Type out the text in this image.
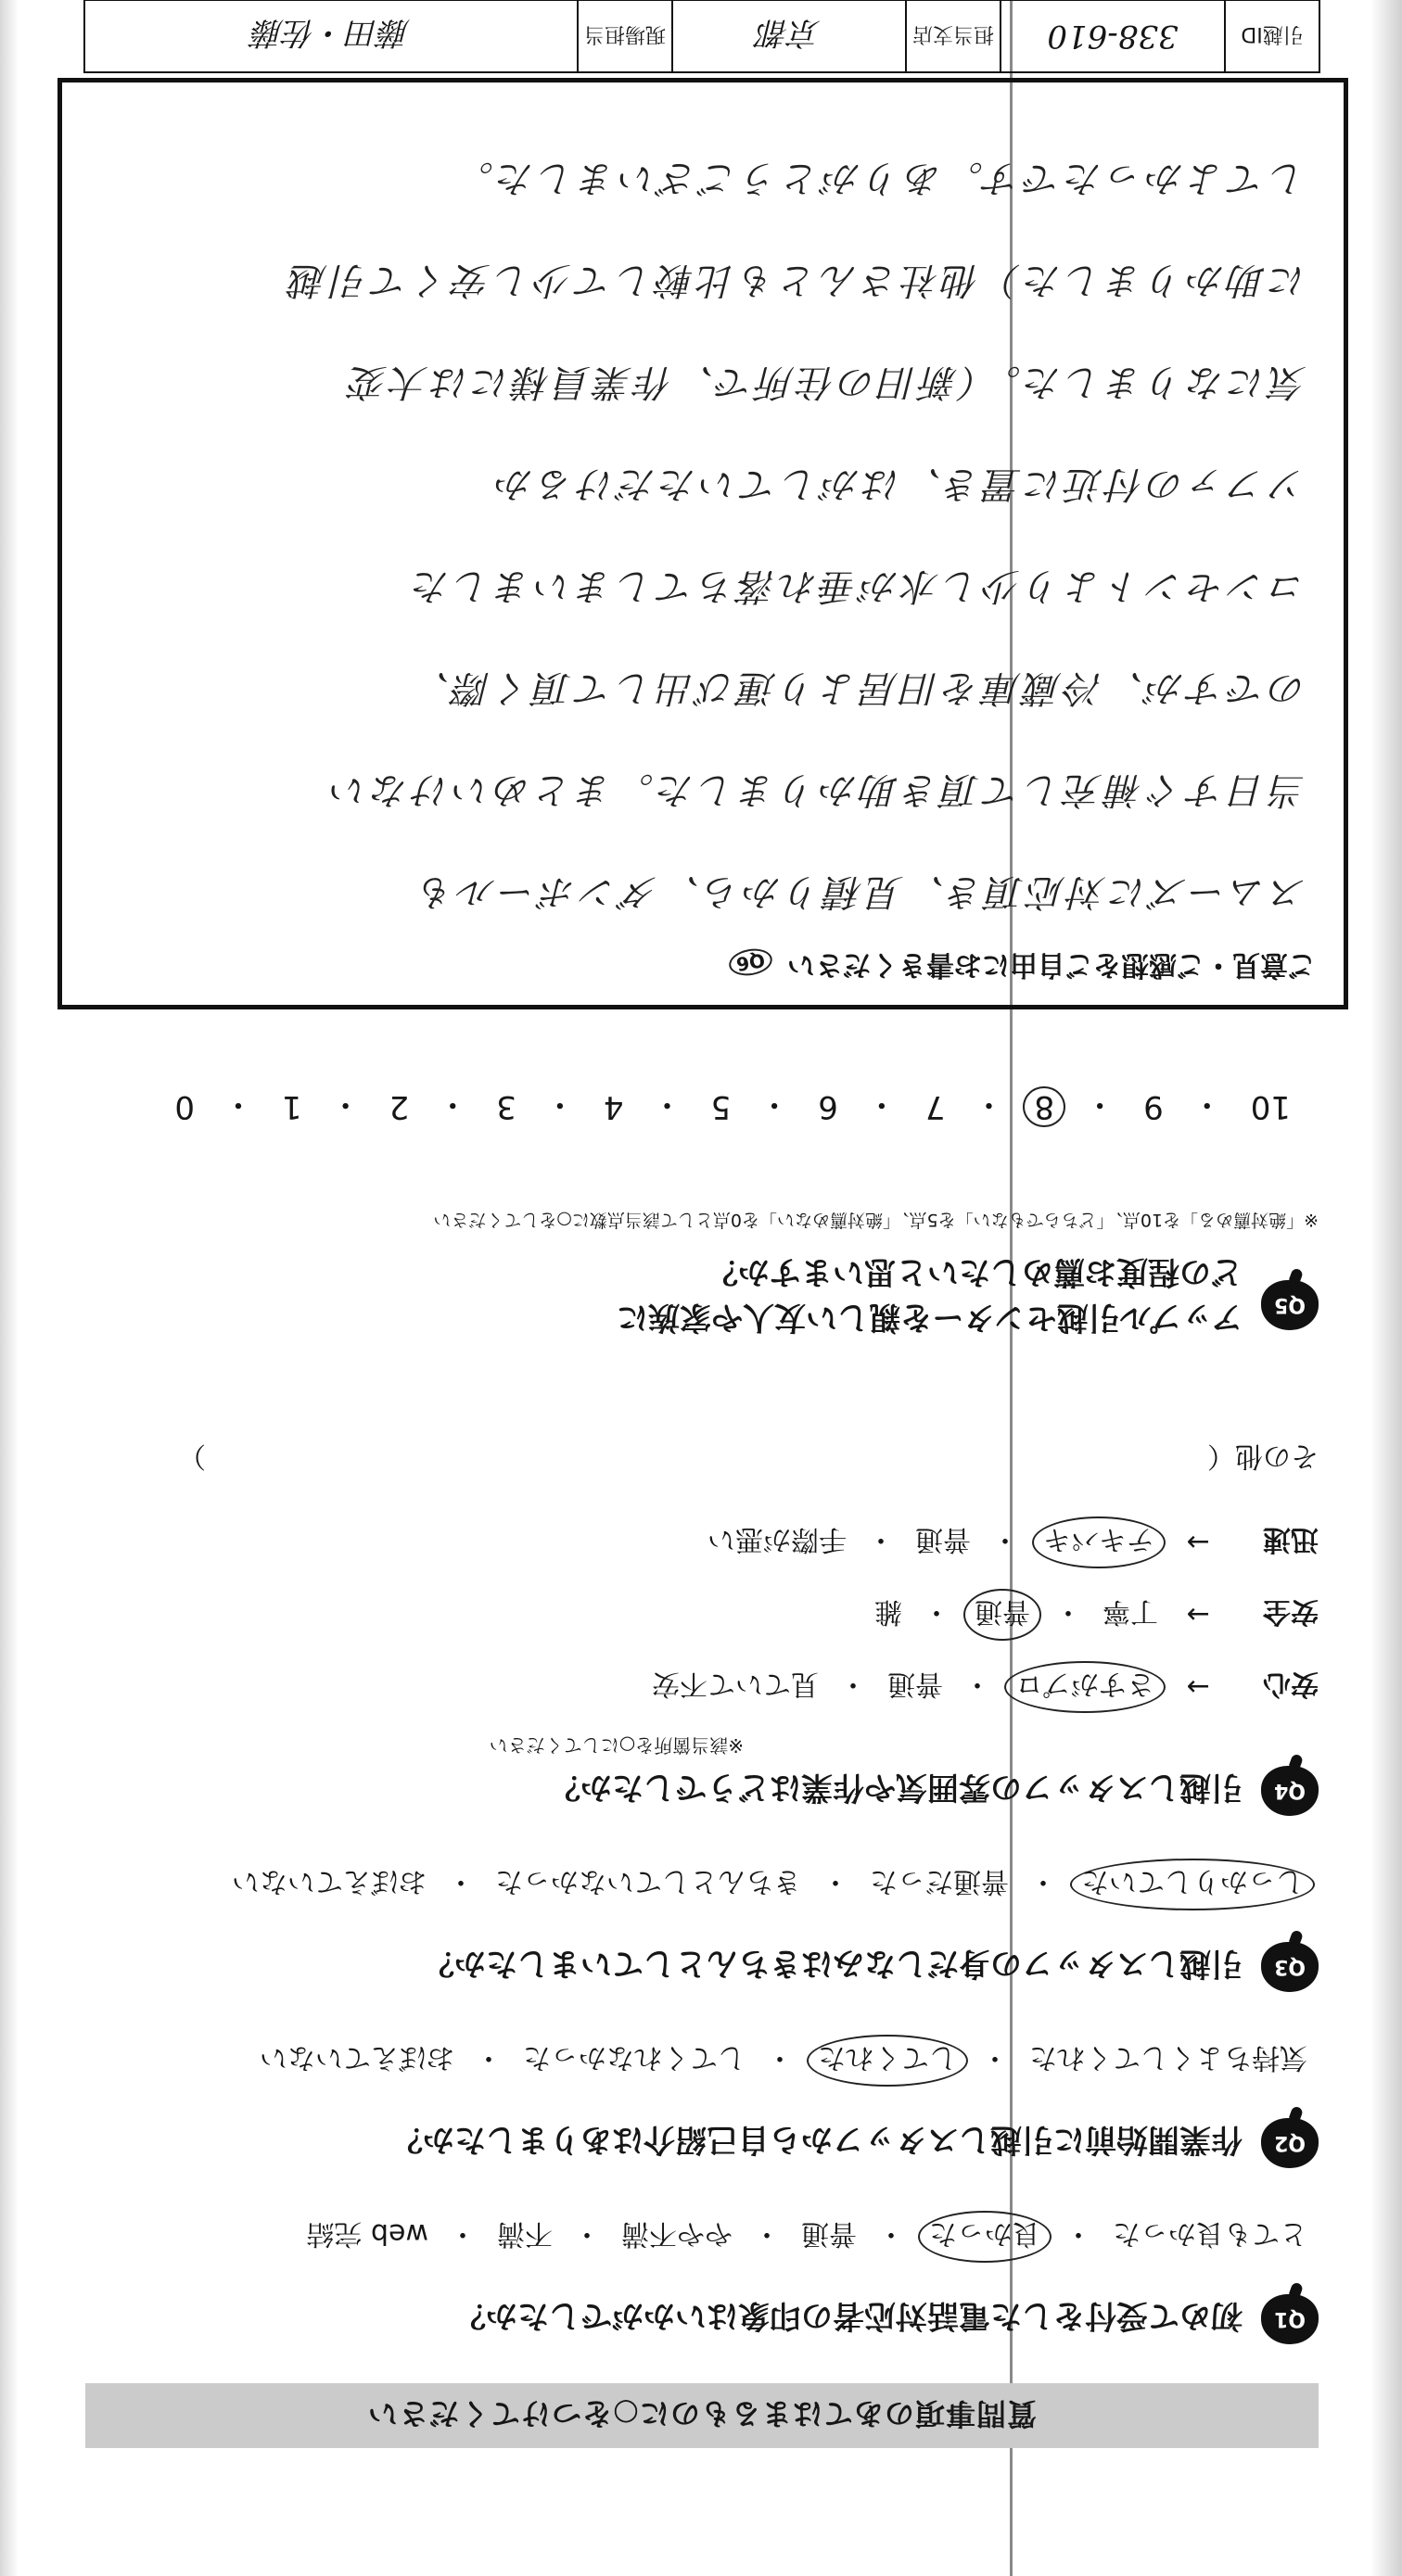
質問事項のあてはまるものに○をつけてください
Q1
初めて受付をした電話対応者の印象はいかがでしたか？
とても良かった
・
良かった
・
普通
・
やや不満
・
不満
・
web 完結
Q2
作業開始前に引越しスタッフから自己紹介はありましたか？
気持ちよくしてくれた
・
してくれた
・
してくれなかった
・
おぼえていない
Q3
引越しスタッフの身だしなみはきちんとしていましたか？
しっかりしていた
・
普通だった
・
きちんとしていなかった
・
おぼえていない
Q4
引越しスタッフの雰囲気や作業はどうでしたか？
※該当箇所を○にしてください
安心
→
さすがプロ
・
普通
・
見ていて不安
安全
→
丁寧
・
普通
・
雑
迅速
→
テキパキ
・
普通
・
手際が悪い
その他（
）
Q5
アップル引越センターを親しい友人や家族に
どの程度お薦めしたいと思いますか？
※「絶対薦める」を10点、「どちらでもない」を5点、「絶対薦めない」を0点として該当点数に○をしてください
10
・
9
・
8
・
7
・
6
・
5
・
4
・
3
・
2
・
1
・
0
ご意見・ご感想をご自由にお書きください Q6
スムーズに対応頂き、見積りから、ダンボールも
当日すぐ補充して頂き助かりました。まとめいけない
のですが、冷蔵庫を旧居より運び出して頂く際、
コンセントより少し水が垂れ落ちてしまいました
ソファの付近に置き、はがしていただけるか
気になりました。（新旧の住所で、作業員様には大変
に助かりました）他社さんとも比較して少し安くて引越
してよかったです。ありがとうございました。
引越ID
338-610
担当支店
京都
現場担当
藤田・佐藤
